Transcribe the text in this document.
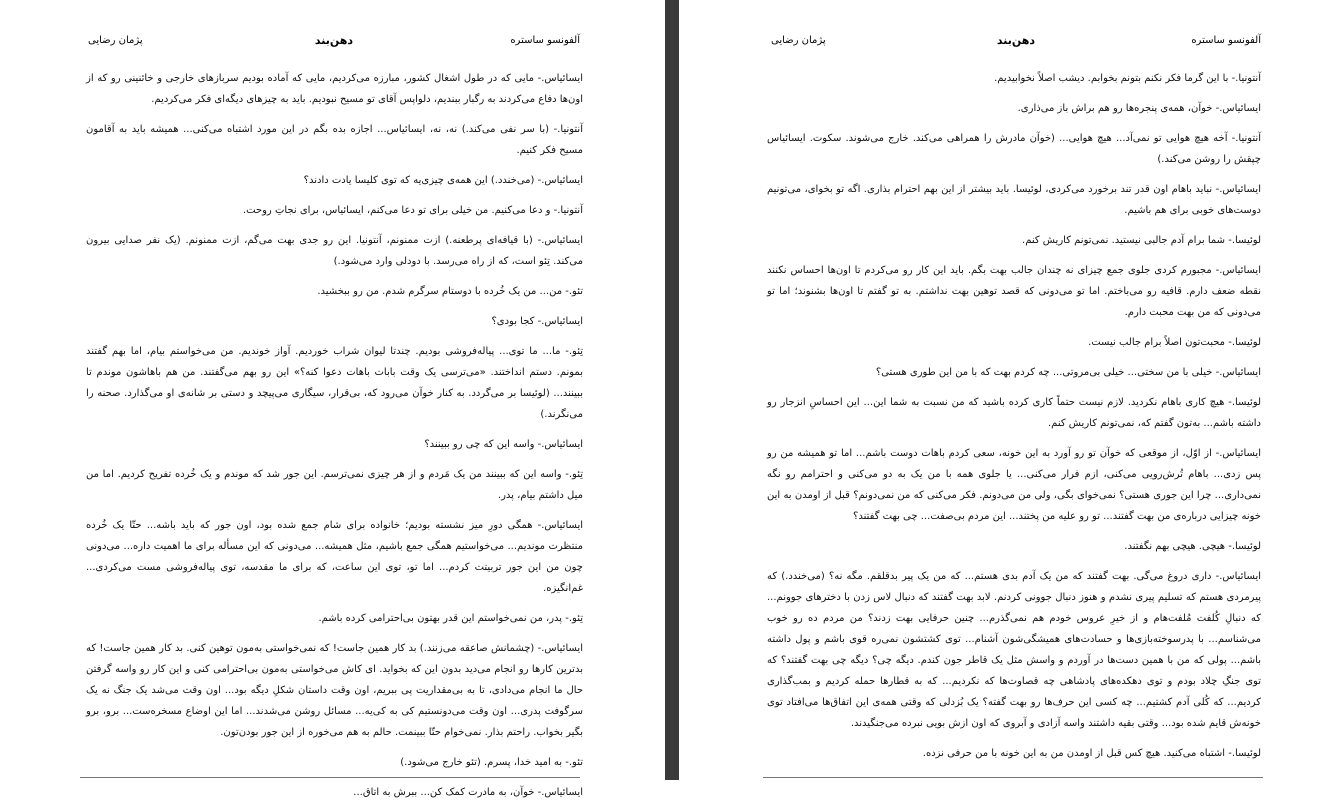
پژمان رضایی	دهن‌بند	آلفونسو ساستره

ایسائیاس.- مایی که در طول اشغال کشور، مبارزه می‌کردیم، مایی که آماده بودیم سربازهای خارجی و خائنینی رو که از اون‌ها دفاع می‌کردند به رگبار ببندیم، دلواپس آقای تو مسیح نبودیم. باید به چیزهای دیگه‌ای فکر می‌کردیم.

آنتونیا.- (با سر نفی می‌کند.) نه، نه، ایسائیاس... اجازه بده بگم در این مورد اشتباه می‌کنی... همیشه باید به آقامون مسیح فکر کنیم.

ایسائیاس.- (می‌خندد.) این همه‌ی چیزی‌یه که توی کلیسا یادت دادند؟

آنتونیا.- و دعا می‌کنیم. من خیلی برای تو دعا می‌کنم، ایسائیاس، برای نجاتِ روحت.

ایسائیاس.- (با قیافه‌ای پرطعنه.) ازت ممنونم، آنتونیا. این رو جدی بهت می‌گم، ازت ممنونم. (یک نفر صدایی بیرون می‌کند. تِئو است، که از راه می‌رسد. با دودلی وارد می‌شود.)

تئو.- من... من یک خُرده با دوستام سرگرم شدم. من رو ببخشید.

ایسائیاس.- کجا بودی؟

تِئو.- ما... ما توی... پیاله‌فروشی بودیم. چندتا لیوان شراب خوردیم. آواز خوندیم. من می‌خواستم بیام، اما بهم گفتند بمونم. دستم انداختند. «می‌ترسی یک وقت بابات باهات دعوا کنه؟» این رو بهم می‌گفتند. من هم باهاشون موندم تا ببینند... (لوئیسا بر می‌گردد. به کنار خوآن می‌رود که، بی‌قرار، سیگاری می‌پیچد و دستی بر شانه‌ی او می‌گذارد. صحنه را می‌نگرند.)

ایسائیاس.- واسه این که چی رو ببینند؟

تِئو.- واسه این که ببینند من یک مَردم و از هر چیزی نمی‌ترسم. این جور شد که موندم و یک خُرده تفریح کردیم. اما من میل داشتم بیام، پدر.

ایسائیاس.- همگی دورِ میز نشسته بودیم؛ خانواده برای شام جمع شده بود، اون جور که باید باشه... حتّا یک خُرده منتظرت موندیم... می‌خواستیم همگی جمع باشیم، مثل همیشه... می‌دونی که این مسأله برای ما اهمیت داره... می‌دونی چون من این جور تربیتت کردم... اما تو، توی این ساعت، که برای ما مقدسه، توی پیاله‌فروشی مست می‌کردی... غم‌انگیزه.

تِئو.- پدر، من نمی‌خواستم این قدر بهتون بی‌احترامی کرده باشم.

ایسائیاس.- (چشمانش صاعقه می‌زنند.) بد کار همین جاست! که نمی‌خواستی به‌مون توهین کنی. بد کار همین جاست! که بدترین کارها رو انجام می‌دید بدون این که بخواید. ای کاش می‌خواستی به‌مون بی‌احترامی کنی و این کار رو واسه گرفتن حال ما انجام می‌دادی، تا به بی‌مقداریت پی ببریم، اون وقت داستان شکلِ دیگه بود... اون وقت می‌شد یک جنگ نه یک سرگوفت پدری... اون وقت می‌دونستیم کی به کی‌یه... مسائل روشن می‌شدند... اما این اوضاع مسخره‌ست... برو، برو بگیر بخواب. راحتم بذار. نمی‌خوام حتّا ببینمت. حالم به هم می‌خوره از این جور بودن‌تون.

تئو.- به امید خدا، پسرم. (تئو خارج می‌شود.)

ایسائیاس.- خوآن، به مادرت کمک کن... ببرش به اتاق...

پژمان رضایی	دهن‌بند	آلفونسو ساستره

آنتونیا.- با این گرما فکر نکنم بتونم بخوابم. دیشب اصلاً نخوابیدیم.

ایسائیاس.- خوآن، همه‌ی پنجره‌ها رو هم براش باز می‌ذاری.

آنتونیا.- آخه هیچ هوایی تو نمی‌آد... هیچ هوایی... (خوآن مادرش را همراهی می‌کند. خارج می‌شوند. سکوت. ایسائیاس چپقش را روشن می‌کند.)

ایسائیاس.- نباید باهام اون قدر تند برخورد می‌کردی، لوئیسا. باید بیشتر از این بهم احترام بذاری. اگه تو بخوای، می‌تونیم دوست‌های خوبی برای هم باشیم.

لوئیسا.- شما برام آدم جالبی نیستید. نمی‌تونم کاریش کنم.

ایسائیاس.- مجبورم کردی جلوی جمع چیزای نه چندان جالب بهت بگم. باید این کار رو می‌کردم تا اون‌ها احساس نکنند نقطه ضعف دارم. قافیه رو می‌باختم. اما تو می‌دونی که قصد توهین بهت نداشتم. به تو گفتم تا اون‌ها بشنوند؛ اما تو می‌دونی که من بهت محبت دارم.

لوئیسا.- محبت‌تون اصلاً برام جالب نیست.

ایسائیاس.- خیلی با من سختی... خیلی بی‌مروتی... چه کردم بهت که با من این طوری هستی؟

لوئیسا.- هیچ کاری باهام نکردید. لازم نیست حتماً کاری کرده باشید که من نسبت به شما این... این احساسِ انزجار رو داشته باشم... به‌تون گفتم که، نمی‌تونم کاریش کنم.

ایسائیاس.- از اوّل، از موقعی که خوآن تو رو آورد به این خونه، سعی کردم باهات دوست باشم... اما تو همیشه من رو پس زدی... باهام تُرش‌رویی می‌کنی، ازم فرار می‌کنی... یا جلوی همه با من یک به دو می‌کنی و احترامم رو نگه نمی‌داری... چرا این جوری هستی؟ نمی‌خوای بگی، ولی من می‌دونم. فکر می‌کنی که من نمی‌دونم؟ قبل از اومدن به این خونه چیزایی درباره‌ی من بهت گفتند... تو رو علیه من پختند... این مردم بی‌صفت... چی بهت گفتند؟

لوئیسا.- هیچی. هیچی بهم نگفتند.

ایسائیاس.- داری دروغ می‌گی. بهت گفتند که من یک آدم بدی هستم... که من یک پیر بدقلقم. مگه نه؟ (می‌خندد.) که پیرمردی هستم که تسلیم پیری نشدم و هنوز دنبال جوونی کردنم. لابد بهت گفتند که دنبال لاس زدن با دخترهای جوونم... که دنبالِ کُلفت مُلفت‌هام و از خیرِ عروس خودم هم نمی‌گذرم... چنین حرفایی بهت زدند؟ من مردم ده رو خوب می‌شناسم... با پدرسوخته‌بازی‌ها و حسادت‌های همیشگی‌شون آشنام... توی کشتشون نمی‌ره قوی باشم و پول داشته باشم... پولی که من با همین دست‌ها در آوردم و واسش مثل یک قاطر جون کندم. دیگه چی؟ دیگه چی بهت گفتند؟ که توی جنگِ چلاد بودم و توی دهکده‌های پادشاهی چه قصاوت‌ها که نکردیم... که به قطارها حمله کردیم و بمب‌گذاری کردیم... که کُلی آدم کشتیم... چه کسی این حرف‌ها رو بهت گفته؟ یک بُزدلی که وقتی همه‌ی این اتفاق‌ها می‌افتاد توی خونه‌ش قایم شده بود... وقتی بقیه داشتند واسه آزادی و آبروی که اون ازش بویی نبرده می‌جنگیدند.

لوئیسا.- اشتباه می‌کنید. هیچ کس قبل از اومدن من به این خونه با من حرفی نزده.
